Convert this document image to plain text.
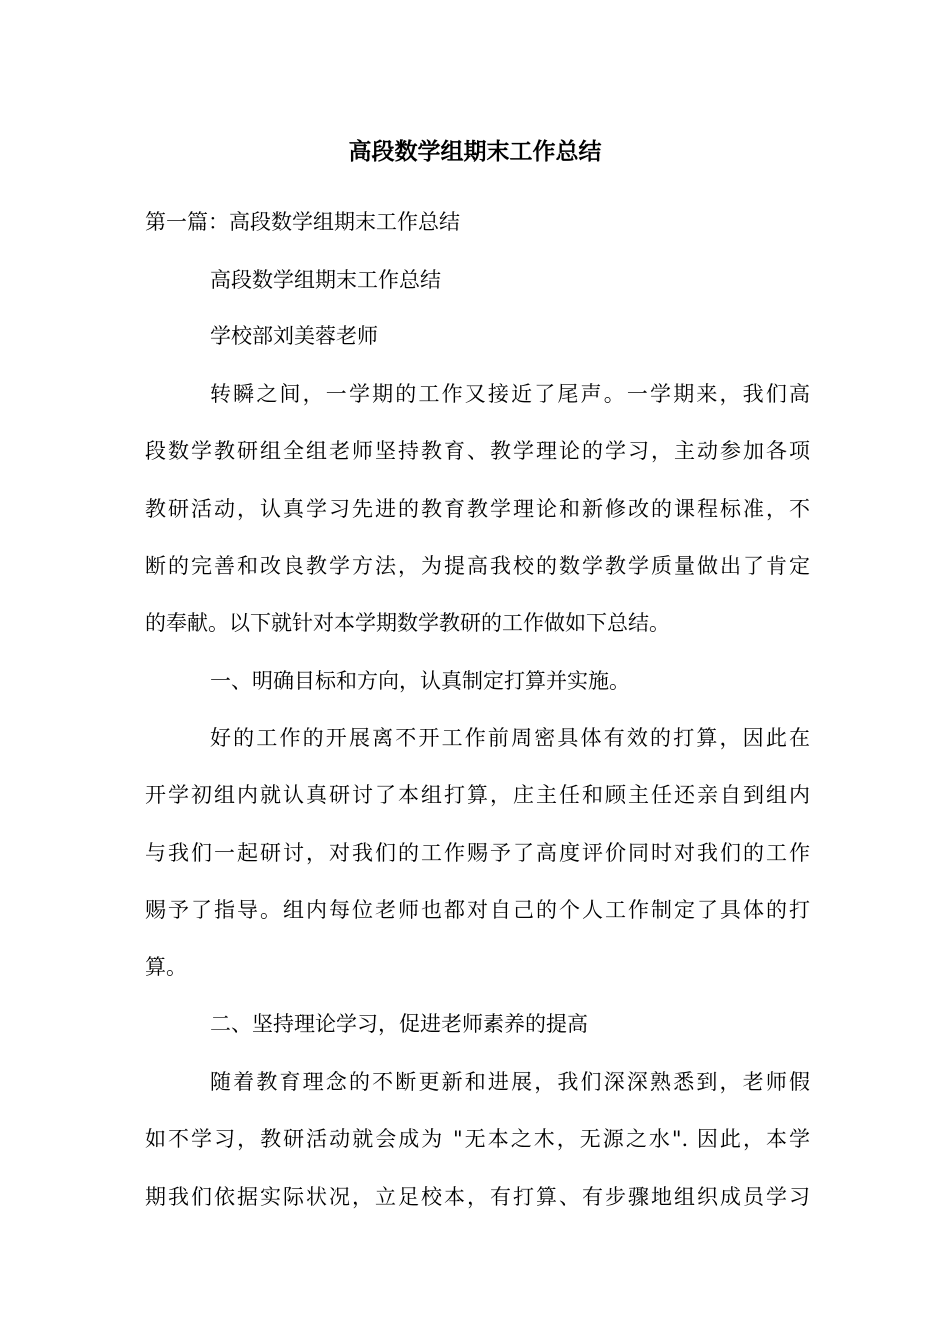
高段数学组期末工作总结

第一篇：高段数学组期末工作总结

高段数学组期末工作总结

学校部刘美蓉老师

转瞬之间，一学期的工作又接近了尾声。一学期来，我们高

段数学教研组全组老师坚持教育、教学理论的学习，主动参加各项

教研活动，认真学习先进的教育教学理论和新修改的课程标准，不

断的完善和改良教学方法，为提高我校的数学教学质量做出了肯定

的奉献。以下就针对本学期数学教研的工作做如下总结。

一、明确目标和方向，认真制定打算并实施。

好的工作的开展离不开工作前周密具体有效的打算，因此在

开学初组内就认真研讨了本组打算，庄主任和顾主任还亲自到组内

与我们一起研讨，对我们的工作赐予了高度评价同时对我们的工作

赐予了指导。组内每位老师也都对自己的个人工作制定了具体的打

算。

二、坚持理论学习，促进老师素养的提高

随着教育理念的不断更新和进展，我们深深熟悉到，老师假

如不学习，教研活动就会成为 "无本之木，无源之水". 因此，本学

期我们依据实际状况，立足校本，有打算、有步骤地组织成员学习
